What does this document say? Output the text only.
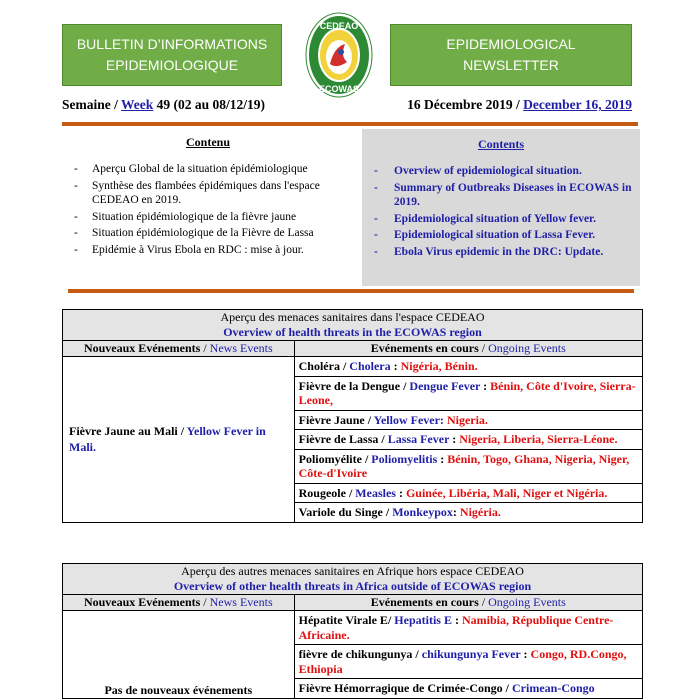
BULLETIN D’INFORMATIONS
EPIDEMIOLOGIQUE
EPIDEMIOLOGICAL
NEWSLETTER
CEDEAO
ECOWAS
Semaine / Week 49 (02 au 08/12/19)	16 Décembre 2019 / December 16, 2019
Contenu
- Aperçu Global de la situation épidémiologique
- Synthèse des flambées épidémiques dans l'espace CEDEAO en 2019.
- Situation épidémiologique de la fièvre jaune
- Situation épidémiologique de la Fièvre de Lassa
- Epidémie à Virus Ebola en RDC : mise à jour.
Contents
- Overview of epidemiological situation.
- Summary of Outbreaks Diseases in ECOWAS in 2019.
- Epidemiological situation of Yellow fever.
- Epidemiological situation of Lassa Fever.
- Ebola Virus epidemic in the DRC: Update.
Aperçu des menaces sanitaires dans l'espace CEDEAO
Overview of health threats in the ECOWAS region	

Nouveaux Evénements / News Events	Evénements en cours / Ongoing Events
Fièvre Jaune au Mali / Yellow Fever in Mali.	Choléra / Cholera : Nigéria, Bénin.
	Fièvre de la Dengue / Dengue Fever : Bénin, Côte d'Ivoire, Sierra-Leone,
	Fièvre Jaune / Yellow Fever: Nigeria.
	Fièvre de Lassa / Lassa Fever : Nigeria, Liberia, Sierra-Léone.
	Poliomyélite / Poliomyelitis : Bénin, Togo, Ghana, Nigeria, Niger, Côte-d'Ivoire
	Rougeole / Measles : Guinée, Libéria, Mali, Niger et Nigéria.
	Variole du Singe / Monkeypox: Nigéria.
Aperçu des autres menaces sanitaires en Afrique hors espace CEDEAO
Overview of other health threats in Africa outside of ECOWAS region	

Nouveaux Evénements / News Events	Evénements en cours / Ongoing Events
Pas de nouveaux événements	Hépatite Virale E/ Hepatitis E : Namibia, République Centre- Africaine.
	fièvre de chikungunya / chikungunya Fever : Congo, RD.Congo, Ethiopia
	Fièvre Hémorragique de Crimée-Congo / Crimean-Congo
